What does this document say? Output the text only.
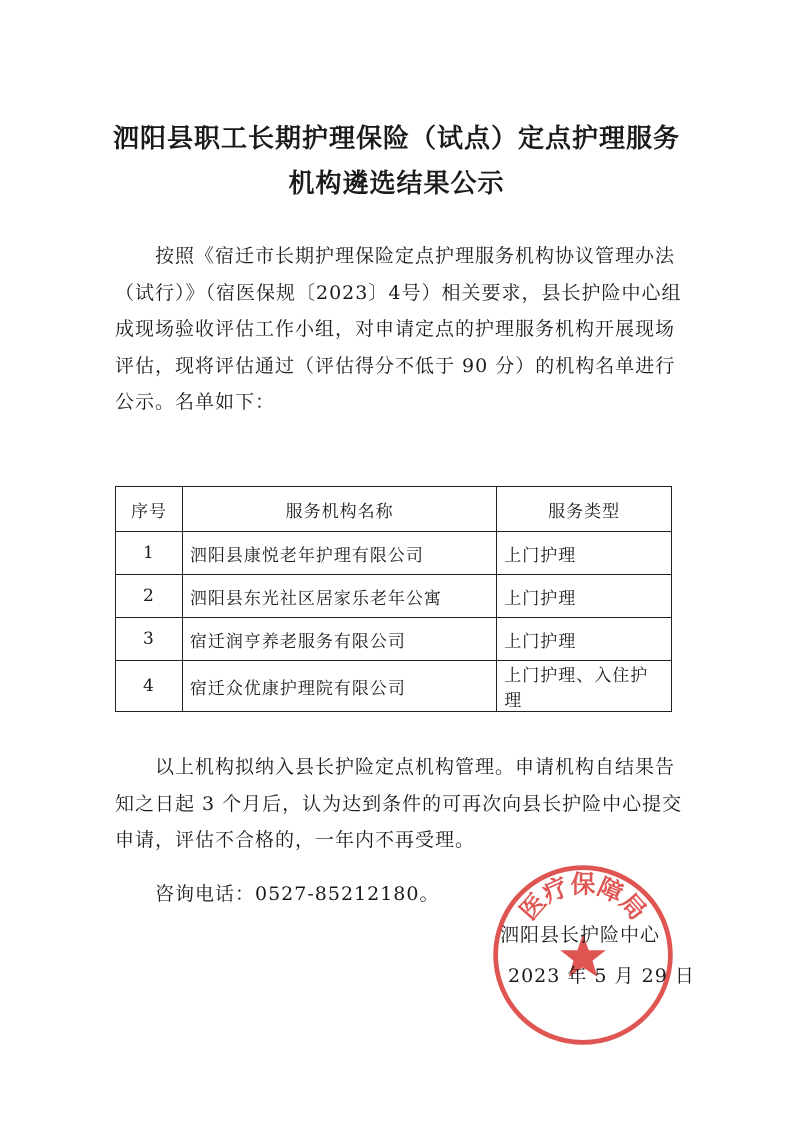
泗阳县职工长期护理保险（试点）定点护理服务
机构遴选结果公示

按照《宿迁市长期护理保险定点护理服务机构协议管理办法（试行）》（宿医保规〔2023〕4号）相关要求，县长护险中心组成现场验收评估工作小组，对申请定点的护理服务机构开展现场评估，现将评估通过（评估得分不低于 90 分）的机构名单进行公示。名单如下：

序号	服务机构名称	服务类型
1	泗阳县康悦老年护理有限公司	上门护理
2	泗阳县东光社区居家乐老年公寓	上门护理
3	宿迁润亨养老服务有限公司	上门护理
4	宿迁众优康护理院有限公司	上门护理、入住护理

以上机构拟纳入县长护险定点机构管理。申请机构自结果告知之日起 3 个月后，认为达到条件的可再次向县长护险中心提交申请，评估不合格的，一年内不再受理。

咨询电话：0527-85212180。	医疗保障局
泗阳县长护险中心
2023 年 5 月 29 日
